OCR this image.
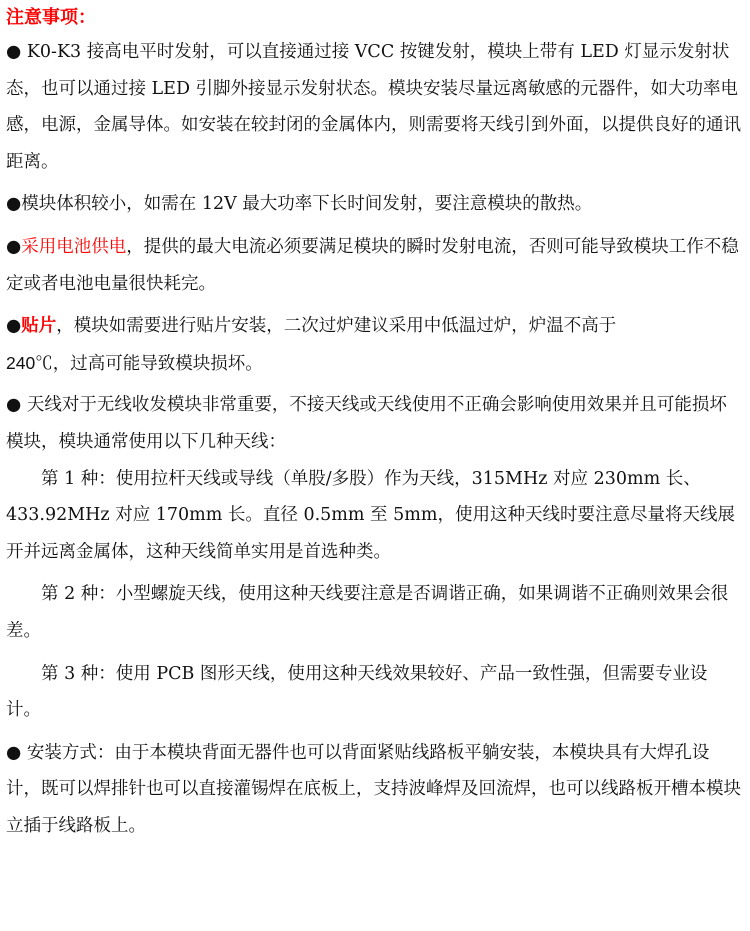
注意事项：

● K0-K3 接高电平时发射，可以直接通过接 VCC 按键发射，模块上带有 LED 灯显示发射状态，也可以通过接 LED 引脚外接显示发射状态。模块安装尽量远离敏感的元器件，如大功率电感，电源，金属导体。如安装在较封闭的金属体内，则需要将天线引到外面，以提供良好的通讯距离。

●模块体积较小，如需在 12V 最大功率下长时间发射，要注意模块的散热。

●采用电池供电，提供的最大电流必须要满足模块的瞬时发射电流，否则可能导致模块工作不稳定或者电池电量很快耗完。

●贴片，模块如需要进行贴片安装，二次过炉建议采用中低温过炉，炉温不高于

240℃，过高可能导致模块损坏。

● 天线对于无线收发模块非常重要，不接天线或天线使用不正确会影响使用效果并且可能损坏模块，模块通常使用以下几种天线：

第 1 种：使用拉杆天线或导线（单股/多股）作为天线，315MHz 对应 230mm 长、433.92MHz 对应 170mm 长。直径 0.5mm 至 5mm，使用这种天线时要注意尽量将天线展开并远离金属体，这种天线简单实用是首选种类。

第 2 种：小型螺旋天线，使用这种天线要注意是否调谐正确，如果调谐不正确则效果会很差。

第 3 种：使用 PCB 图形天线，使用这种天线效果较好、产品一致性强，但需要专业设计。

● 安装方式：由于本模块背面无器件也可以背面紧贴线路板平躺安装，本模块具有大焊孔设计，既可以焊排针也可以直接灌锡焊在底板上，支持波峰焊及回流焊，也可以线路板开槽本模块立插于线路板上。
